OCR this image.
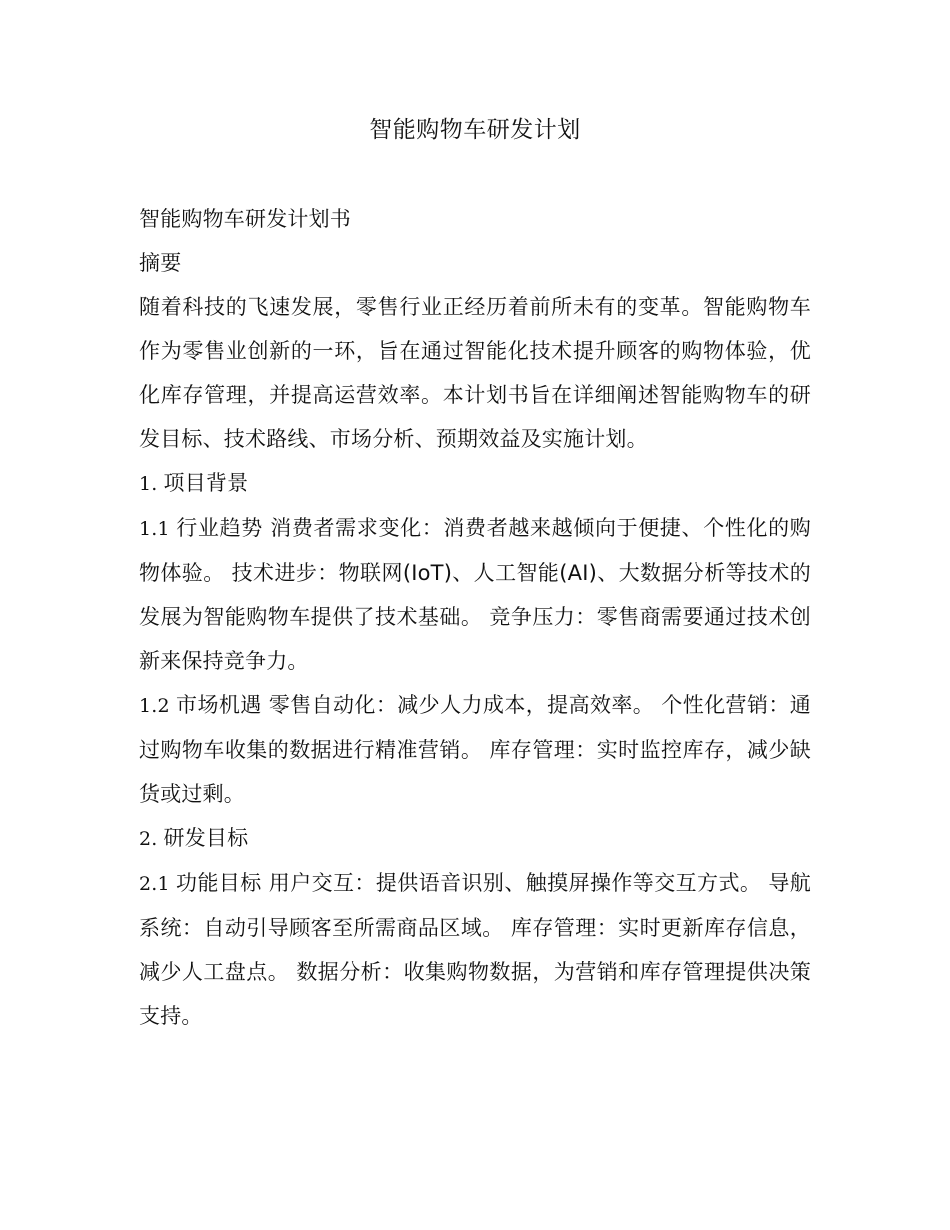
智能购物车研发计划

智能购物车研发计划书

摘要

随着科技的飞速发展，零售行业正经历着前所未有的变革。智能购物车作为零售业创新的一环，旨在通过智能化技术提升顾客的购物体验，优化库存管理，并提高运营效率。本计划书旨在详细阐述智能购物车的研发目标、技术路线、市场分析、预期效益及实施计划。

1. 项目背景

1.1 行业趋势 消费者需求变化：消费者越来越倾向于便捷、个性化的购物体验。 技术进步：物联网(IoT)、人工智能(AI)、大数据分析等技术的发展为智能购物车提供了技术基础。 竞争压力：零售商需要通过技术创新来保持竞争力。

1.2 市场机遇 零售自动化：减少人力成本，提高效率。 个性化营销：通过购物车收集的数据进行精准营销。 库存管理：实时监控库存，减少缺货或过剩。

2. 研发目标

2.1 功能目标 用户交互：提供语音识别、触摸屏操作等交互方式。 导航系统：自动引导顾客至所需商品区域。 库存管理：实时更新库存信息，减少人工盘点。 数据分析：收集购物数据，为营销和库存管理提供决策支持。
